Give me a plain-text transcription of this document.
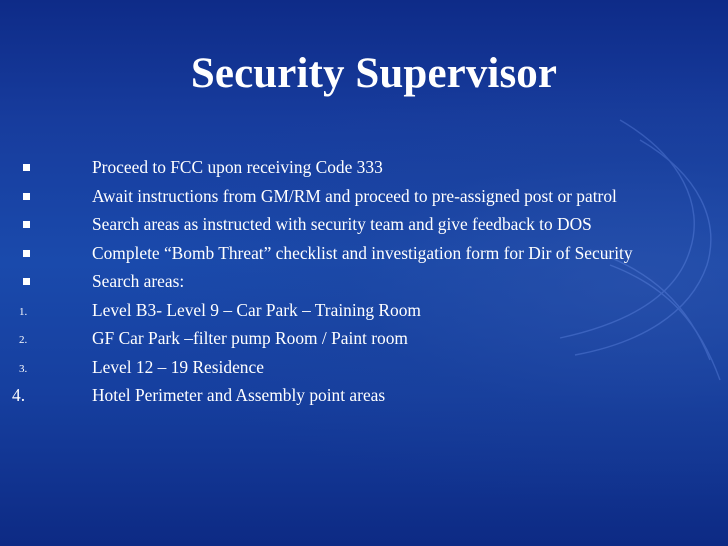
Security Supervisor
Proceed to FCC upon receiving Code 333
Await instructions from GM/RM and proceed to pre-assigned post or patrol
Search areas as instructed with security team and give feedback to DOS
Complete “Bomb Threat” checklist and investigation form for Dir of Security
Search areas:
1.	Level B3- Level 9 – Car Park – Training Room
2.	GF Car Park –filter pump Room / Paint room
3.	Level 12 – 19 Residence
4.	Hotel Perimeter and Assembly point areas
